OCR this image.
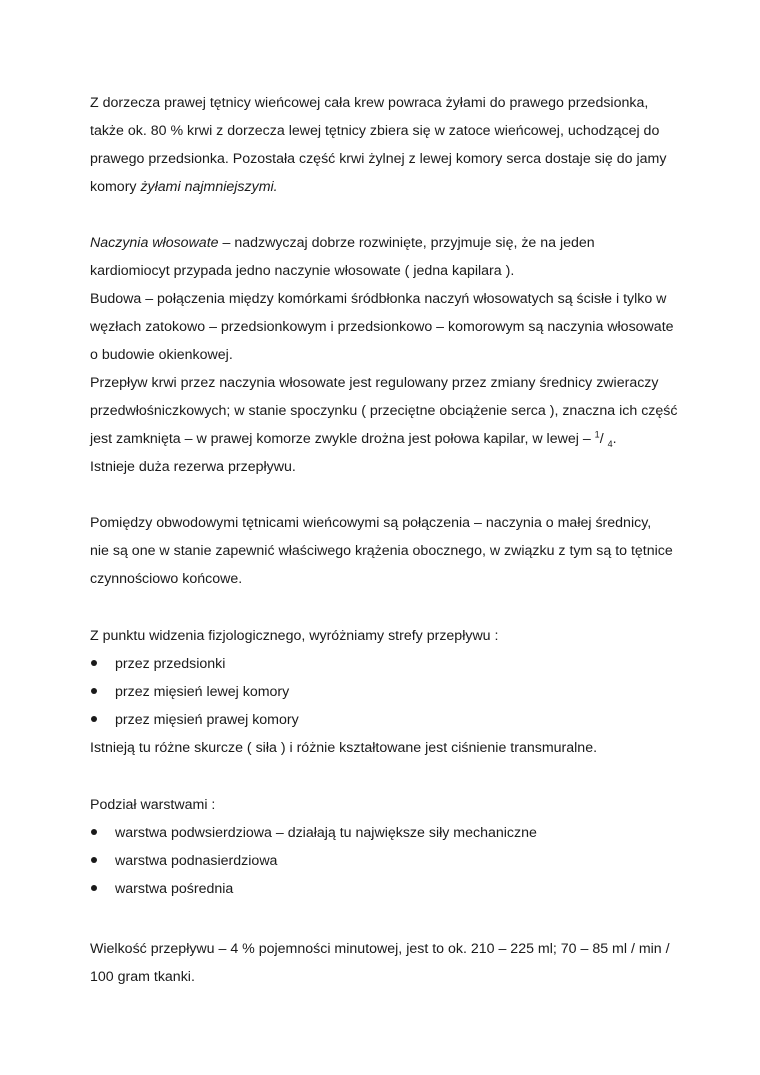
Z dorzecza prawej tętnicy wieńcowej cała krew powraca żyłami do prawego przedsionka,
także ok. 80 % krwi z dorzecza lewej tętnicy zbiera się w zatoce wieńcowej, uchodzącej do
prawego przedsionka. Pozostała część krwi żylnej z lewej komory serca dostaje się do jamy
komory żyłami najmniejszymi.
Naczynia włosowate – nadzwyczaj dobrze rozwinięte, przyjmuje się, że na jeden
kardiomiocyt przypada jedno naczynie włosowate ( jedna kapilara ).
Budowa – połączenia między komórkami śródbłonka naczyń włosowatych są ścisłe i tylko w
węzłach zatokowo – przedsionkowym i przedsionkowo – komorowym są naczynia włosowate
o budowie okienkowej.
Przepływ krwi przez naczynia włosowate jest regulowany przez zmiany średnicy zwieraczy
przedwłośniczkowych; w stanie spoczynku ( przeciętne obciążenie serca ), znaczna ich część
jest zamknięta – w prawej komorze zwykle drożna jest połowa kapilar, w lewej – $^1$/ $_4$.
Istnieje duża rezerwa przepływu.
Pomiędzy obwodowymi tętnicami wieńcowymi są połączenia – naczynia o małej średnicy,
nie są one w stanie zapewnić właściwego krążenia obocznego, w związku z tym są to tętnice
czynnościowo końcowe.
Z punktu widzenia fizjologicznego, wyróżniamy strefy przepływu :
przez przedsionki
przez mięsień lewej komory
przez mięsień prawej komory
Istnieją tu różne skurcze ( siła ) i różnie kształtowane jest ciśnienie transmuralne.
Podział warstwami :
warstwa podwsierdziowa – działają tu największe siły mechaniczne
warstwa podnasierdziowa
warstwa pośrednia
Wielkość przepływu – 4 % pojemności minutowej, jest to ok. 210 – 225 ml; 70 – 85 ml / min /
100 gram tkanki.
